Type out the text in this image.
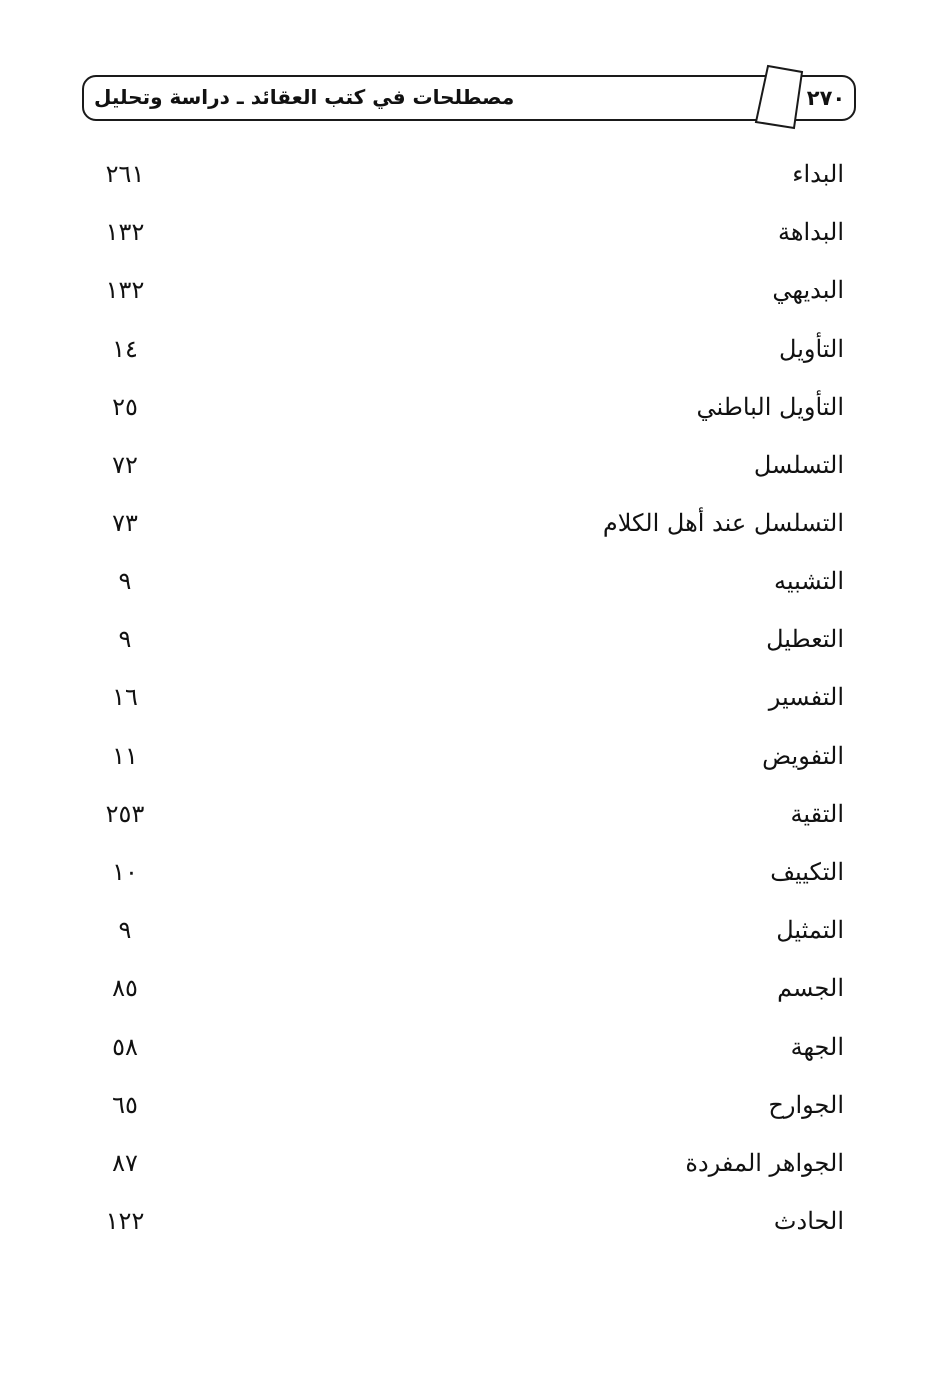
مصطلحات في كتب العقائد ـ دراسة وتحليل	٢٧٠
البداء
٢٦١
البداهة
١٣٢
البديهي
١٣٢
التأويل
١٤
التأويل الباطني
٢٥
التسلسل
٧٢
التسلسل عند أهل الكلام
٧٣
التشبيه
٩
التعطيل
٩
التفسير
١٦
التفويض
١١
التقية
٢٥٣
التكييف
١٠
التمثيل
٩
الجسم
٨٥
الجهة
٥٨
الجوارح
٦٥
الجواهر المفردة
٨٧
الحادث
١٢٢
